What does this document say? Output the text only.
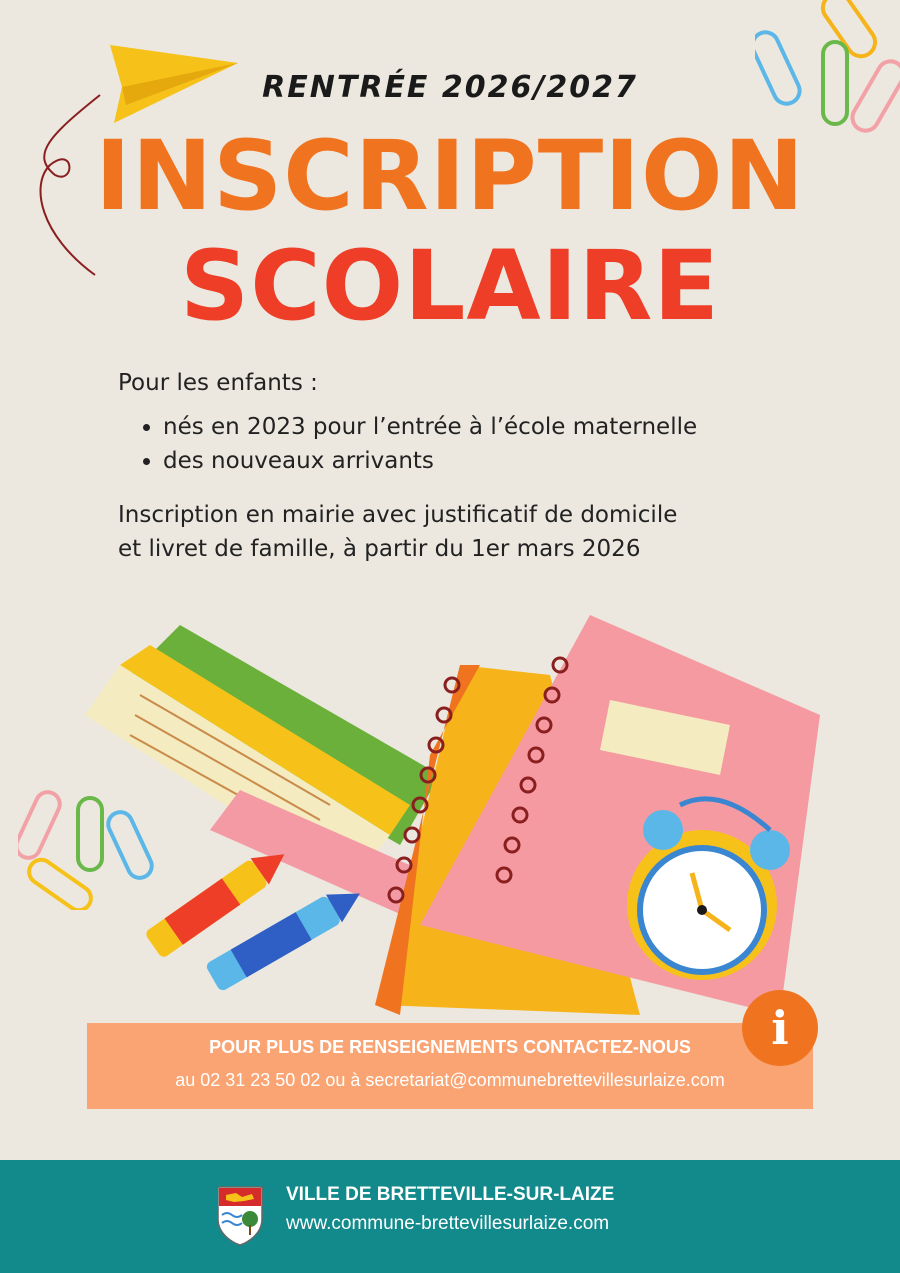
RENTRÉE 2026/2027
INSCRIPTION
SCOLAIRE

Pour les enfants :

• nés en 2023 pour l’entrée à l’école maternelle
• des nouveaux arrivants

Inscription en mairie avec justificatif de domicile

et livret de famille, à partir du 1er mars 2026

POUR PLUS DE RENSEIGNEMENTS CONTACTEZ-NOUS
au 02 31 23 50 02 ou à secretariat@communebrettevillesurlaize.com
i
VILLE DE BRETTEVILLE-SUR-LAIZE
www.commune-brettevillesurlaize.com
